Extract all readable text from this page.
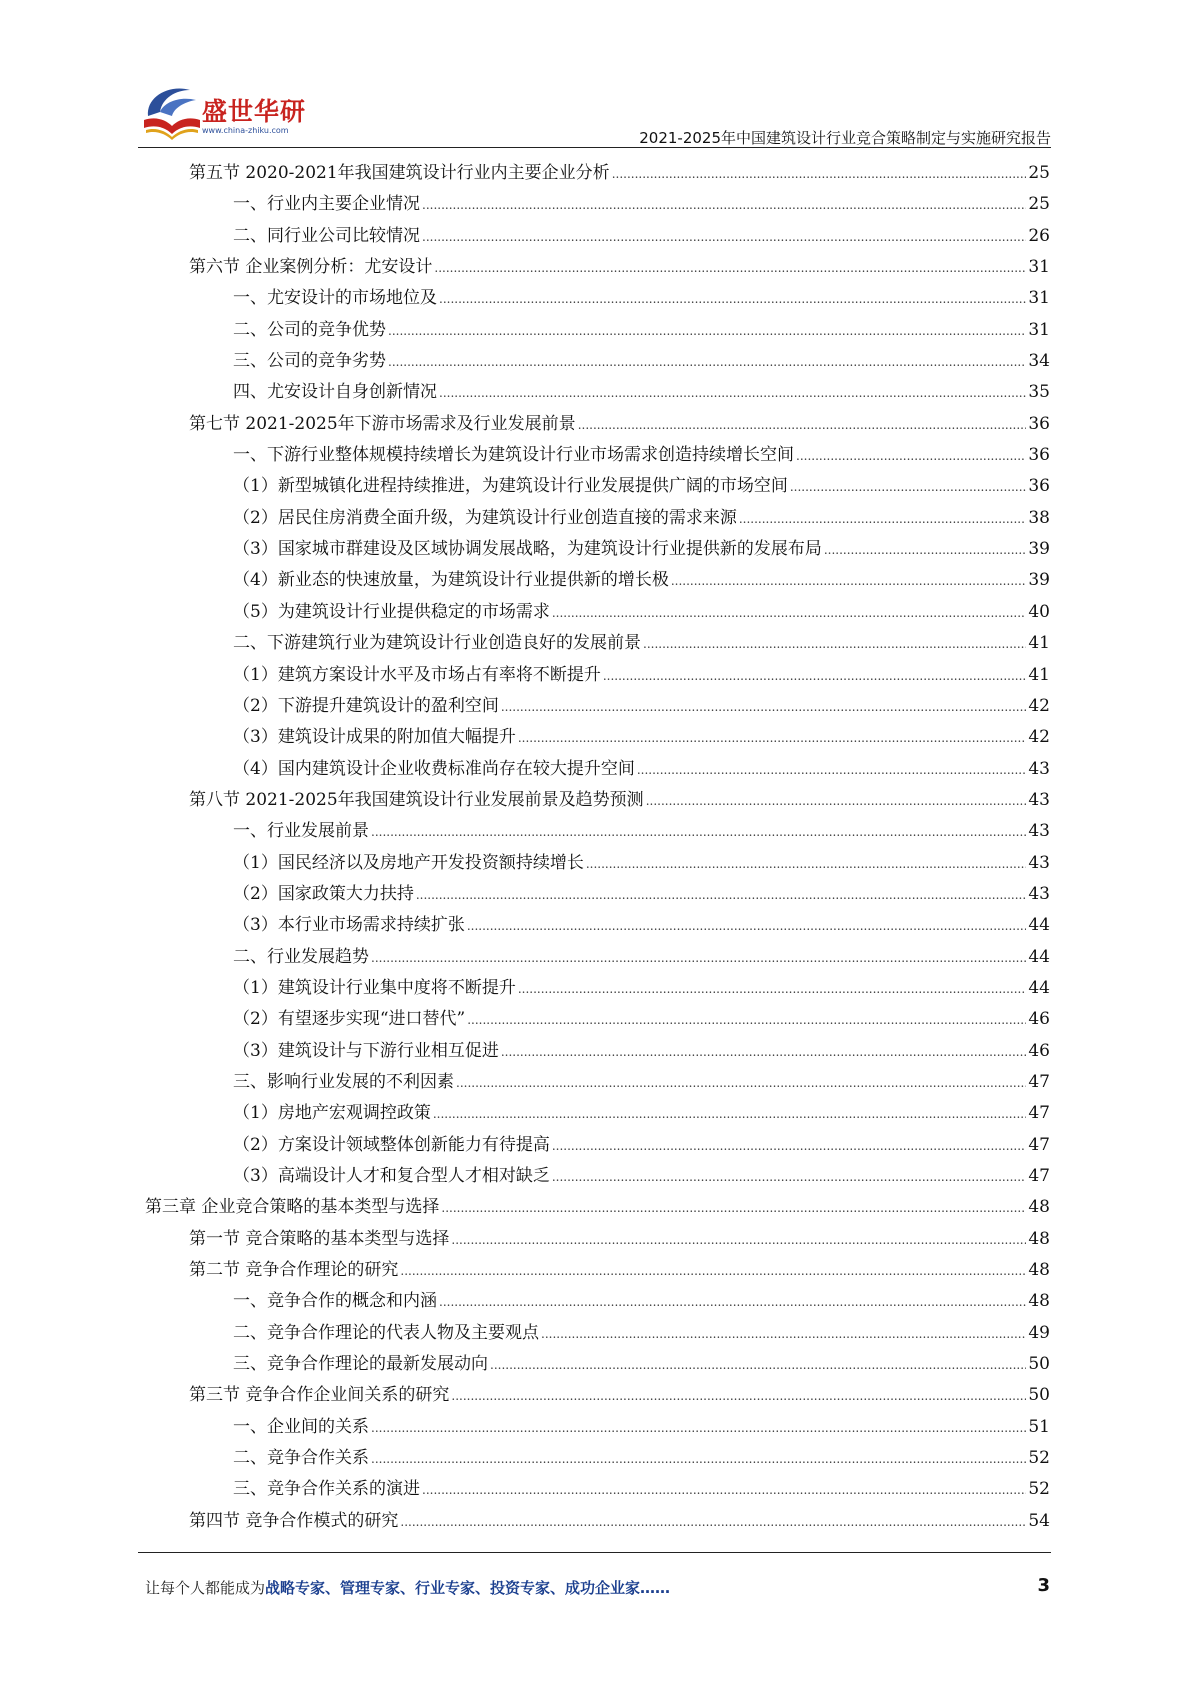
盛世华研
www.china-zhiku.com	2021-2025年中国建筑设计行业竞合策略制定与实施研究报告
第五节 2020-2021年我国建筑设计行业内主要企业分析 .....	25
一、行业内主要企业情况 .....	25
二、同行业公司比较情况 .....	26
第六节 企业案例分析：尤安设计 .....	31
一、尤安设计的市场地位及 .....	31
二、公司的竞争优势 .....	31
三、公司的竞争劣势 .....	34
四、尤安设计自身创新情况 .....	35
第七节 2021-2025年下游市场需求及行业发展前景 .....	36
一、下游行业整体规模持续增长为建筑设计行业市场需求创造持续增长空间 .....	36
（1）新型城镇化进程持续推进，为建筑设计行业发展提供广阔的市场空间 .....	36
（2）居民住房消费全面升级，为建筑设计行业创造直接的需求来源 .....	38
（3）国家城市群建设及区域协调发展战略，为建筑设计行业提供新的发展布局 .....	39
（4）新业态的快速放量，为建筑设计行业提供新的增长极 .....	39
（5）为建筑设计行业提供稳定的市场需求 .....	40
二、下游建筑行业为建筑设计行业创造良好的发展前景 .....	41
（1）建筑方案设计水平及市场占有率将不断提升 .....	41
（2）下游提升建筑设计的盈利空间 .....	42
（3）建筑设计成果的附加值大幅提升 .....	42
（4）国内建筑设计企业收费标准尚存在较大提升空间 .....	43
第八节 2021-2025年我国建筑设计行业发展前景及趋势预测 .....	43
一、行业发展前景 .....	43
（1）国民经济以及房地产开发投资额持续增长 .....	43
（2）国家政策大力扶持 .....	43
（3）本行业市场需求持续扩张 .....	44
二、行业发展趋势 .....	44
（1）建筑设计行业集中度将不断提升 .....	44
（2）有望逐步实现“进口替代” .....	46
（3）建筑设计与下游行业相互促进 .....	46
三、影响行业发展的不利因素 .....	47
（1）房地产宏观调控政策 .....	47
（2）方案设计领域整体创新能力有待提高 .....	47
（3）高端设计人才和复合型人才相对缺乏 .....	47
第三章 企业竞合策略的基本类型与选择 .....	48
第一节 竞合策略的基本类型与选择 .....	48
第二节 竞争合作理论的研究 .....	48
一、竞争合作的概念和内涵 .....	48
二、竞争合作理论的代表人物及主要观点 .....	49
三、竞争合作理论的最新发展动向 .....	50
第三节 竞争合作企业间关系的研究 .....	50
一、企业间的关系 .....	51
二、竞争合作关系 .....	52
三、竞争合作关系的演进 .....	52
第四节 竞争合作模式的研究 .....	54
让每个人都能成为战略专家、管理专家、行业专家、投资专家、成功企业家……	3
